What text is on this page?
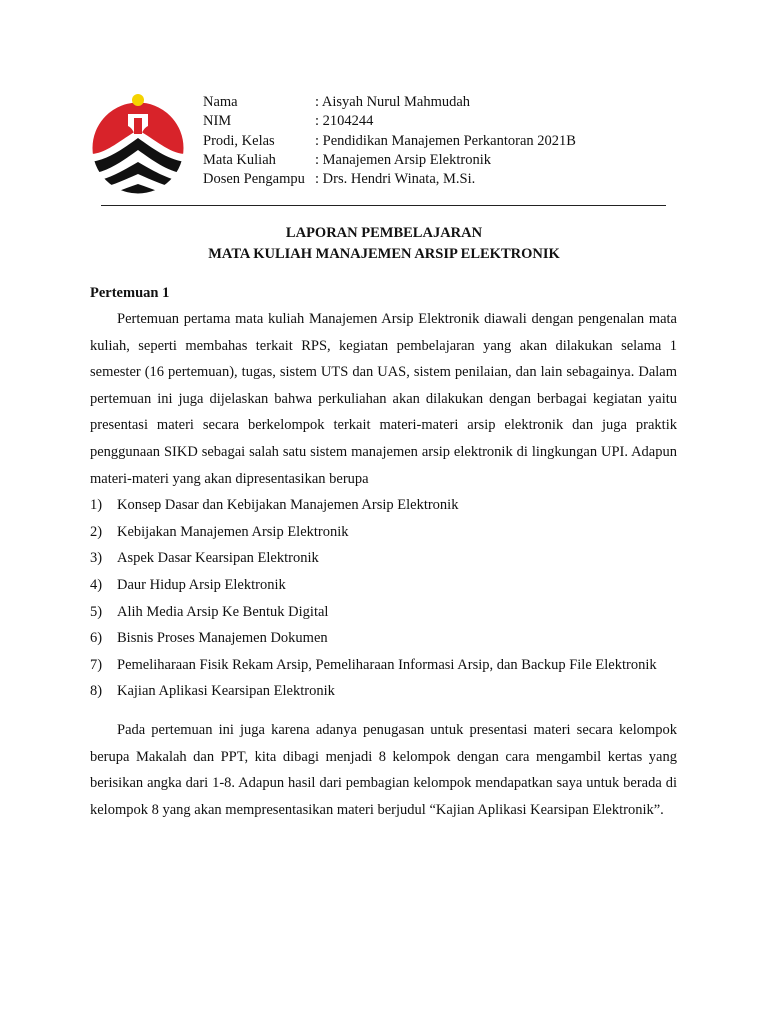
Nama	: Aisyah Nurul Mahmudah
NIM	: 2104244
Prodi, Kelas	: Pendidikan Manajemen Perkantoran 2021B
Mata Kuliah	: Manajemen Arsip Elektronik
Dosen Pengampu	: Drs. Hendri Winata, M.Si.
LAPORAN PEMBELAJARAN
MATA KULIAH MANAJEMEN ARSIP ELEKTRONIK

Pertemuan 1

Pertemuan pertama mata kuliah Manajemen Arsip Elektronik diawali dengan pengenalan mata kuliah, seperti membahas terkait RPS, kegiatan pembelajaran yang akan dilakukan selama 1 semester (16 pertemuan), tugas, sistem UTS dan UAS, sistem penilaian, dan lain sebagainya. Dalam pertemuan ini juga dijelaskan bahwa perkuliahan akan dilakukan dengan berbagai kegiatan yaitu presentasi materi secara berkelompok terkait materi-materi arsip elektronik dan juga praktik penggunaan SIKD sebagai salah satu sistem manajemen arsip elektronik di lingkungan UPI. Adapun materi-materi yang akan dipresentasikan berupa

1)	Konsep Dasar dan Kebijakan Manajemen Arsip Elektronik
2)	Kebijakan Manajemen Arsip Elektronik
3)	Aspek Dasar Kearsipan Elektronik
4)	Daur Hidup Arsip Elektronik
5)	Alih Media Arsip Ke Bentuk Digital
6)	Bisnis Proses Manajemen Dokumen
7)	Pemeliharaan Fisik Rekam Arsip, Pemeliharaan Informasi Arsip, dan Backup File Elektronik
8)	Kajian Aplikasi Kearsipan Elektronik

Pada pertemuan ini juga karena adanya penugasan untuk presentasi materi secara kelompok berupa Makalah dan PPT, kita dibagi menjadi 8 kelompok dengan cara mengambil kertas yang berisikan angka dari 1-8. Adapun hasil dari pembagian kelompok mendapatkan saya untuk berada di kelompok 8 yang akan mempresentasikan materi berjudul “Kajian Aplikasi Kearsipan Elektronik”.
